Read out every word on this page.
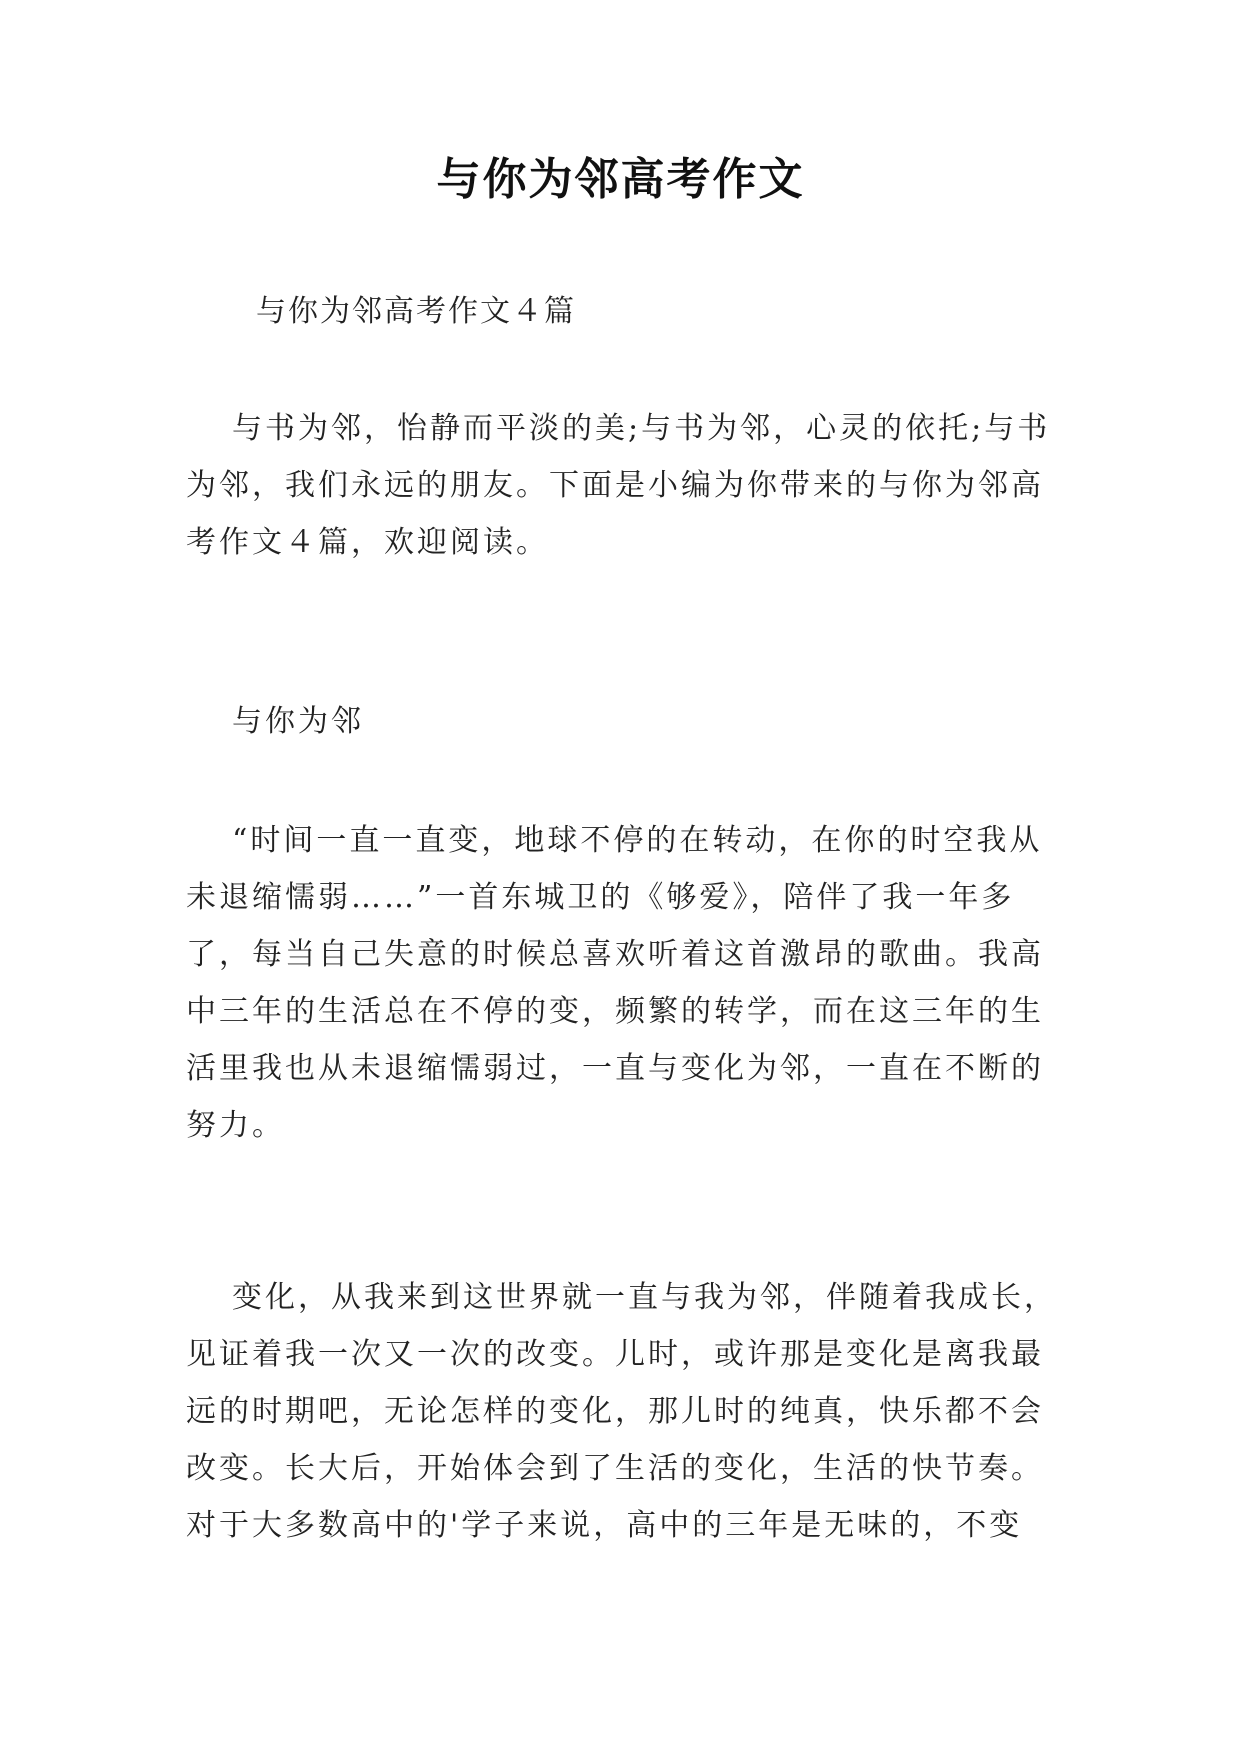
与你为邻高考作文

与你为邻高考作文４篇

与书为邻，怡静而平淡的美;与书为邻，心灵的依托;与书
为邻，我们永远的朋友。下面是小编为你带来的与你为邻高
考作文４篇，欢迎阅读。
与你为邻
“时间一直一直变，地球不停的在转动，在你的时空我从
未退缩懦弱……”一首东城卫的《够爱》，陪伴了我一年多
了，每当自己失意的时候总喜欢听着这首激昂的歌曲。我高
中三年的生活总在不停的变，频繁的转学，而在这三年的生
活里我也从未退缩懦弱过，一直与变化为邻，一直在不断的
努力。
变化，从我来到这世界就一直与我为邻，伴随着我成长，
见证着我一次又一次的改变。儿时，或许那是变化是离我最
远的时期吧，无论怎样的变化，那儿时的纯真，快乐都不会
改变。长大后，开始体会到了生活的变化，生活的快节奏。
对于大多数高中的'学子来说，高中的三年是无味的，不变
